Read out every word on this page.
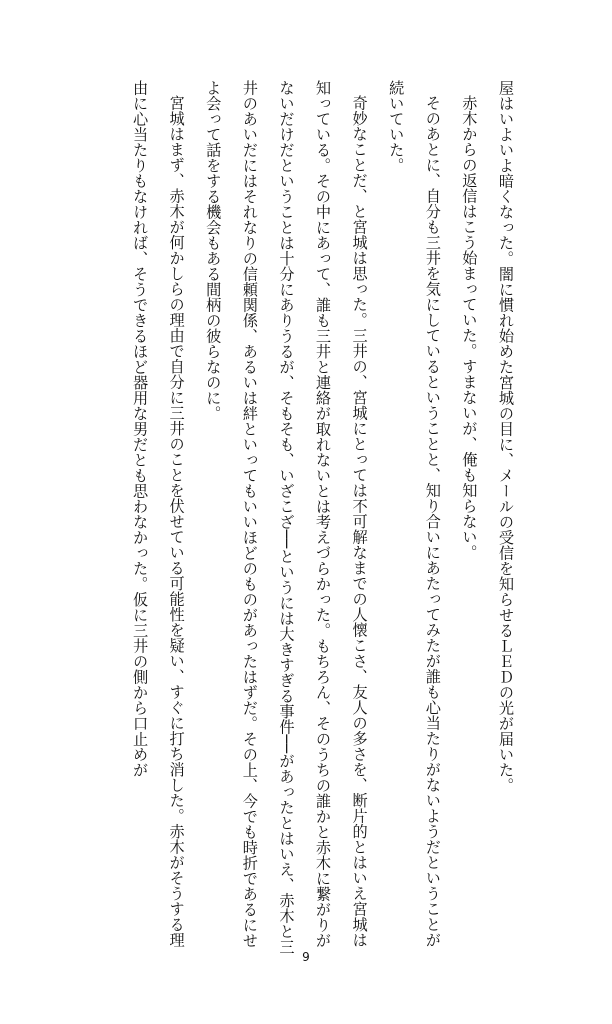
屋はいよいよ暗くなった。闇に慣れ始めた宮城の目に、メールの受信を知らせるＬＥＤの光が届いた。

赤木からの返信はこう始まっていた。すまないが、俺も知らない。

そのあとに、自分も三井を気にしているということと、知り合いにあたってみたが誰も心当たりがないようだということが続いていた。

奇妙なことだ、と宮城は思った。三井の、宮城にとっては不可解なまでの人懐こさ、友人の多さを、断片的とはいえ宮城は知っている。その中にあって、誰も三井と連絡が取れないとは考えづらかった。もちろん、そのうちの誰かと赤木に繋がりがないだけだということは十分にありうるが、そもそも、いざこざ──というには大きすぎる事件──があったとはいえ、赤木と三井のあいだにはそれなりの信頼関係、あるいは絆といってもいいほどのものがあったはずだ。その上、今でも時折であるにせよ会って話をする機会もある間柄の彼らなのに。

宮城はまず、赤木が何かしらの理由で自分に三井のことを伏せている可能性を疑い、すぐに打ち消した。赤木がそうする理由に心当たりもなければ、そうできるほど器用な男だとも思わなかった。仮に三井の側から口止めが

9
